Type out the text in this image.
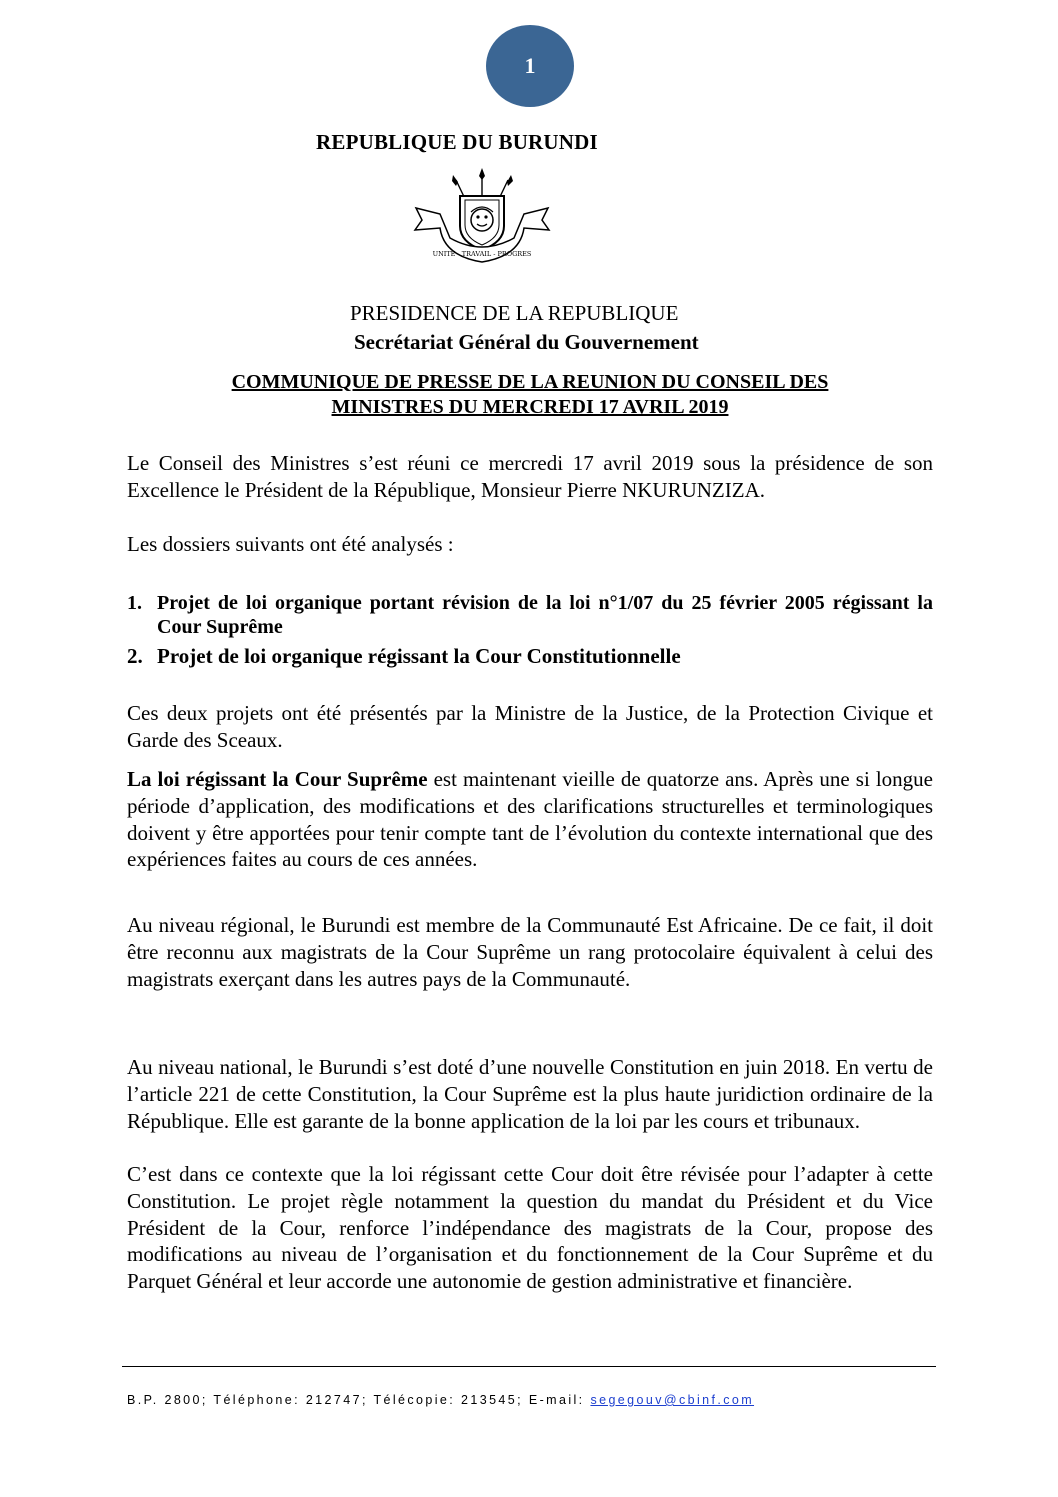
1
REPUBLIQUE DU BURUNDI
UNITE - TRAVAIL - PROGRES
PRESIDENCE DE LA REPUBLIQUE
Secrétariat Général du Gouvernement
COMMUNIQUE DE PRESSE DE LA REUNION DU CONSEIL DES
MINISTRES DU MERCREDI 17 AVRIL 2019
Le Conseil des Ministres s’est réuni ce mercredi 17 avril 2019 sous la présidence de son Excellence le Président de la République, Monsieur Pierre NKURUNZIZA.
Les dossiers suivants ont été analysés :
1. Projet de loi organique portant révision de la loi n°1/07 du 25 février 2005 régissant la Cour Suprême
2. Projet de loi organique régissant la Cour Constitutionnelle
Ces deux projets ont été présentés par la Ministre de la Justice, de la Protection Civique et Garde des Sceaux.
La loi régissant la Cour Suprême est maintenant vieille de quatorze ans. Après une si longue période d’application, des modifications et des clarifications structurelles et terminologiques doivent y être apportées pour tenir compte tant de l’évolution du contexte international que des expériences faites au cours de ces années.
Au niveau régional, le Burundi est membre de la Communauté Est Africaine. De ce fait, il doit être reconnu aux magistrats de la Cour Suprême un rang protocolaire équivalent à celui des magistrats exerçant dans les autres pays de la Communauté.
Au niveau national, le Burundi s’est doté d’une nouvelle Constitution en juin 2018. En vertu de l’article 221 de cette Constitution, la Cour Suprême est la plus haute juridiction ordinaire de la République. Elle est garante de la bonne application de la loi par les cours et tribunaux.
C’est dans ce contexte que la loi régissant cette Cour doit être révisée pour l’adapter à cette Constitution. Le projet règle notamment la question du mandat du Président et du Vice Président de la Cour, renforce l’indépendance des magistrats de la Cour, propose des modifications au niveau de l’organisation et du fonctionnement de la Cour Suprême et du Parquet Général et leur accorde une autonomie de gestion administrative et financière.
B.P. 2800; Téléphone: 212747; Télécopie: 213545; E-mail: segegouv@cbinf.com
